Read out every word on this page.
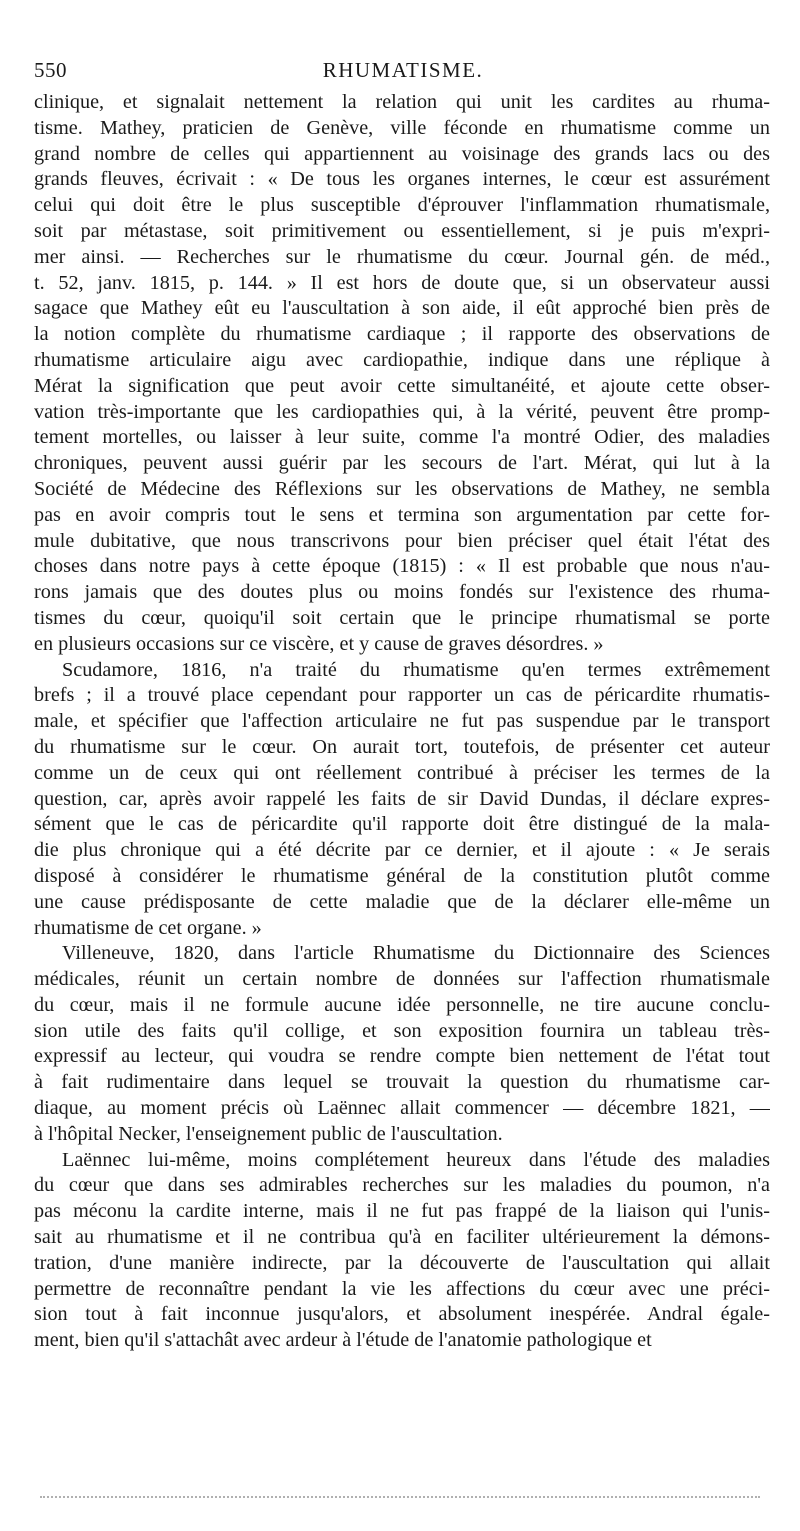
550	RHUMATISME.
clinique, et signalait nettement la relation qui unit les cardites au rhuma-
tisme. Mathey, praticien de Genève, ville féconde en rhumatisme comme un
grand nombre de celles qui appartiennent au voisinage des grands lacs ou des
grands fleuves, écrivait : « De tous les organes internes, le cœur est assurément
celui qui doit être le plus susceptible d'éprouver l'inflammation rhumatismale,
soit par métastase, soit primitivement ou essentiellement, si je puis m'expri-
mer ainsi. — Recherches sur le rhumatisme du cœur. Journal gén. de méd.,
t. 52, janv. 1815, p. 144. » Il est hors de doute que, si un observateur aussi
sagace que Mathey eût eu l'auscultation à son aide, il eût approché bien près de
la notion complète du rhumatisme cardiaque ; il rapporte des observations de
rhumatisme articulaire aigu avec cardiopathie, indique dans une réplique à
Mérat la signification que peut avoir cette simultanéité, et ajoute cette obser-
vation très-importante que les cardiopathies qui, à la vérité, peuvent être promp-
tement mortelles, ou laisser à leur suite, comme l'a montré Odier, des maladies
chroniques, peuvent aussi guérir par les secours de l'art. Mérat, qui lut à la
Société de Médecine des Réflexions sur les observations de Mathey, ne sembla
pas en avoir compris tout le sens et termina son argumentation par cette for-
mule dubitative, que nous transcrivons pour bien préciser quel était l'état des
choses dans notre pays à cette époque (1815) : « Il est probable que nous n'au-
rons jamais que des doutes plus ou moins fondés sur l'existence des rhuma-
tismes du cœur, quoiqu'il soit certain que le principe rhumatismal se porte
en plusieurs occasions sur ce viscère, et y cause de graves désordres. »
Scudamore, 1816, n'a traité du rhumatisme qu'en termes extrêmement
brefs ; il a trouvé place cependant pour rapporter un cas de péricardite rhumatis-
male, et spécifier que l'affection articulaire ne fut pas suspendue par le transport
du rhumatisme sur le cœur. On aurait tort, toutefois, de présenter cet auteur
comme un de ceux qui ont réellement contribué à préciser les termes de la
question, car, après avoir rappelé les faits de sir David Dundas, il déclare expres-
sément que le cas de péricardite qu'il rapporte doit être distingué de la mala-
die plus chronique qui a été décrite par ce dernier, et il ajoute : « Je serais
disposé à considérer le rhumatisme général de la constitution plutôt comme
une cause prédisposante de cette maladie que de la déclarer elle-même un
rhumatisme de cet organe. »
Villeneuve, 1820, dans l'article Rhumatisme du Dictionnaire des Sciences
médicales, réunit un certain nombre de données sur l'affection rhumatismale
du cœur, mais il ne formule aucune idée personnelle, ne tire aucune conclu-
sion utile des faits qu'il collige, et son exposition fournira un tableau très-
expressif au lecteur, qui voudra se rendre compte bien nettement de l'état tout
à fait rudimentaire dans lequel se trouvait la question du rhumatisme car-
diaque, au moment précis où Laënnec allait commencer — décembre 1821, —
à l'hôpital Necker, l'enseignement public de l'auscultation.
Laënnec lui-même, moins complétement heureux dans l'étude des maladies
du cœur que dans ses admirables recherches sur les maladies du poumon, n'a
pas méconu la cardite interne, mais il ne fut pas frappé de la liaison qui l'unis-
sait au rhumatisme et il ne contribua qu'à en faciliter ultérieurement la démons-
tration, d'une manière indirecte, par la découverte de l'auscultation qui allait
permettre de reconnaître pendant la vie les affections du cœur avec une préci-
sion tout à fait inconnue jusqu'alors, et absolument inespérée. Andral égale-
ment, bien qu'il s'attachât avec ardeur à l'étude de l'anatomie pathologique et
